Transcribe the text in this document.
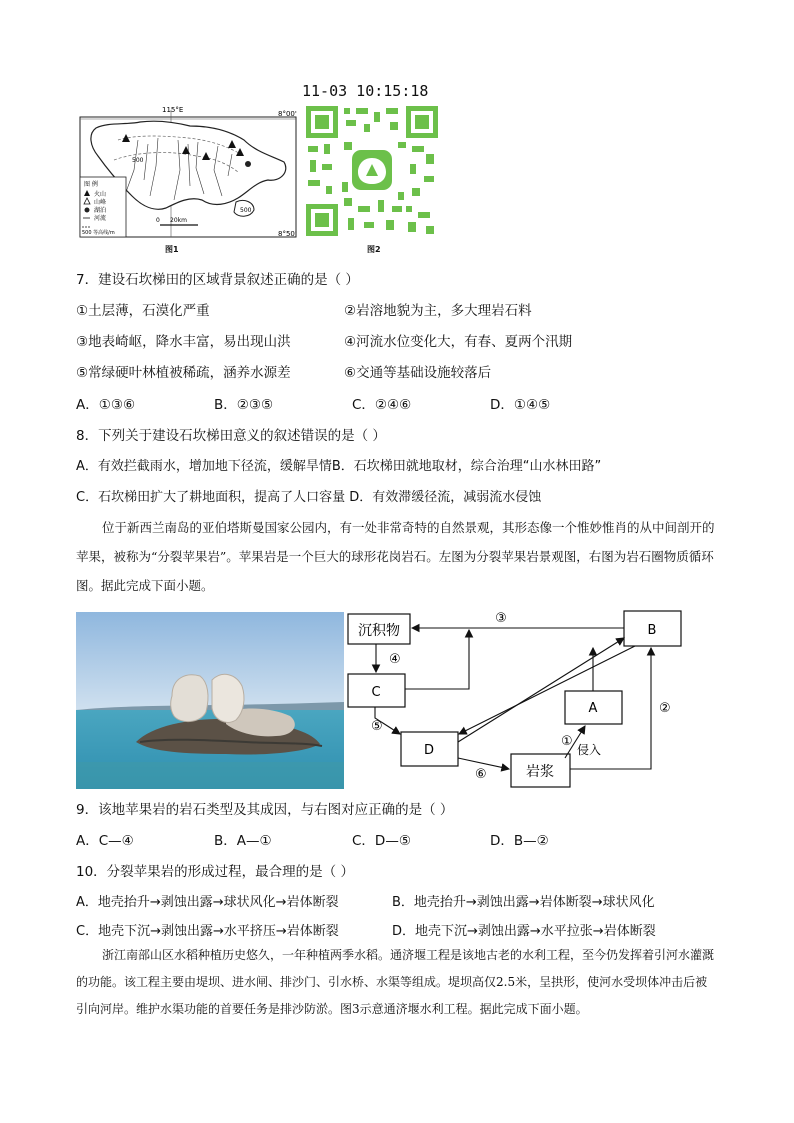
115°E	8°00'
8°50'
500
500
0 20km
图 例
火山
山峰
湖泊
河流
500 等高线/m
图1
11-03 10:15:18
图2
7．建设石坎梯田的区域背景叙述正确的是（ ）
①土层薄，石漠化严重	②岩溶地貌为主，多大理岩石料
③地表崎岖，降水丰富，易出现山洪	④河流水位变化大，有春、夏两个汛期
⑤常绿硬叶林植被稀疏，涵养水源差	⑥交通等基础设施较落后
A．①③⑥	B．②③⑤	C．②④⑥	D．①④⑤
8．下列关于建设石坎梯田意义的叙述错误的是（ ）
A．有效拦截雨水，增加地下径流，缓解旱情B．石坎梯田就地取材，综合治理“山水林田路”
C．石坎梯田扩大了耕地面积，提高了人口容量 D．有效滞缓径流，减弱流水侵蚀
位于新西兰南岛的亚伯塔斯曼国家公园内，有一处非常奇特的自然景观，其形态像一个惟妙惟肖的从中间剖开的苹果，被称为“分裂苹果岩”。苹果岩是一个巨大的球形花岗岩石。左图为分裂苹果岩景观图，右图为岩石圈物质循环图。据此完成下面小题。
沉积物	B
C
A
D
岩浆
③
④
⑤
⑥
①
侵入
②
9．该地苹果岩的岩石类型及其成因，与右图对应正确的是（ ）
A．C—④	B．A—①	C．D—⑤	D．B—②
10．分裂苹果岩的形成过程，最合理的是（ ）
A．地壳抬升→剥蚀出露→球状风化→岩体断裂	B．地壳抬升→剥蚀出露→岩体断裂→球状风化
C．地壳下沉→剥蚀出露→水平挤压→岩体断裂	D．地壳下沉→剥蚀出露→水平拉张→岩体断裂
浙江南部山区水稻种植历史悠久，一年种植两季水稻。通济堰工程是该地古老的水利工程，至今仍发挥着引河水灌溉的功能。该工程主要由堤坝、进水闸、排沙门、引水桥、水渠等组成。堤坝高仅2.5米，呈拱形，使河水受坝体冲击后被引向河岸。维护水渠功能的首要任务是排沙防淤。图3示意通济堰水利工程。据此完成下面小题。
